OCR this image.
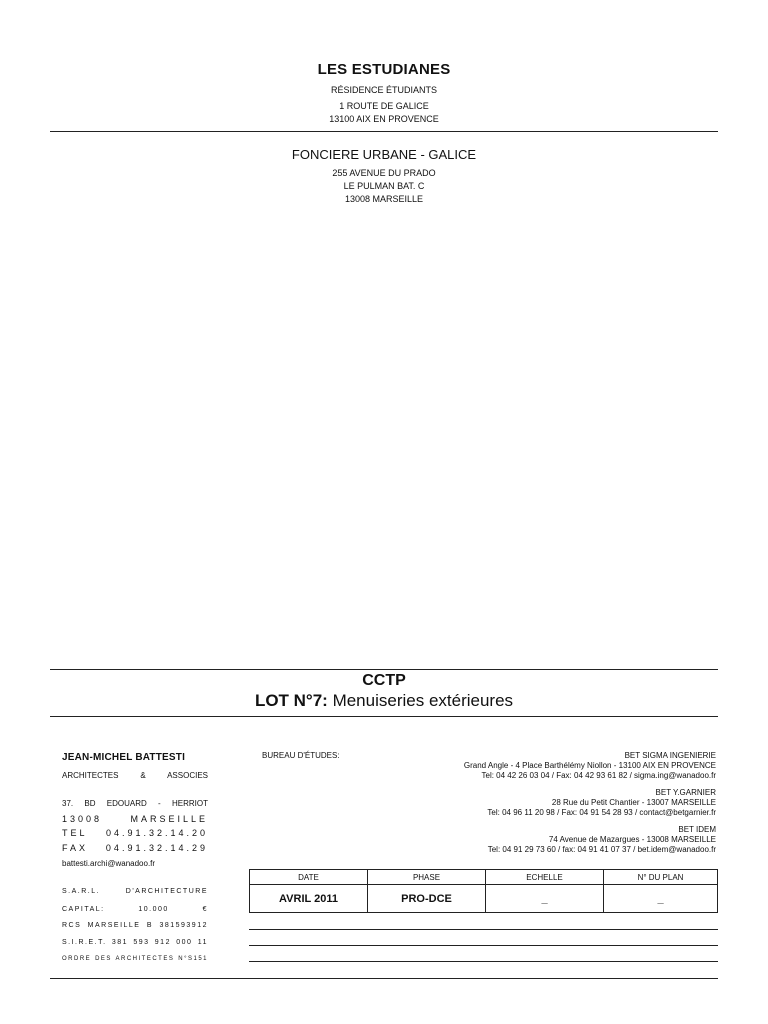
LES ESTUDIANES
RÉSIDENCE ÉTUDIANTS
1 ROUTE DE GALICE
13100 AIX EN PROVENCE
FONCIERE URBANE - GALICE
255 AVENUE DU PRADO
LE PULMAN BAT. C
13008 MARSEILLE
CCTP
LOT N°7: Menuiseries extérieures
JEAN-MICHEL BATTESTI
ARCHITECTES & ASSOCIES
37. BD EDOUARD - HERRIOT
13008 MARSEILLE
TEL 04.91.32.14.20
FAX 04.91.32.14.29
battesti.archi@wanadoo.fr
S.A.R.L. D'ARCHITECTURE
CAPITAL: 10.000 €
RCS MARSEILLE B 381593912
S.I.R.E.T. 381 593 912 000 11
ORDRE DES ARCHITECTES N°S151
BUREAU D'ÉTUDES:	BET SIGMA INGENIERIE
Grand Angle - 4 Place Barthélémy Niollon - 13100 AIX EN PROVENCE
Tel: 04 42 26 03 04 / Fax: 04 42 93 61 82 / sigma.ing@wanadoo.fr
BET Y.GARNIER
28 Rue du Petit Chantier - 13007 MARSEILLE
Tel: 04 96 11 20 98 / Fax: 04 91 54 28 93 / contact@betgarnier.fr
BET IDEM
74 Avenue de Mazargues - 13008 MARSEILLE
Tel: 04 91 29 73 60 / fax: 04 91 41 07 37 / bet.idem@wanadoo.fr
DATE	PHASE	ECHELLE	N° DU PLAN
AVRIL 2011	PRO-DCE	_	_
